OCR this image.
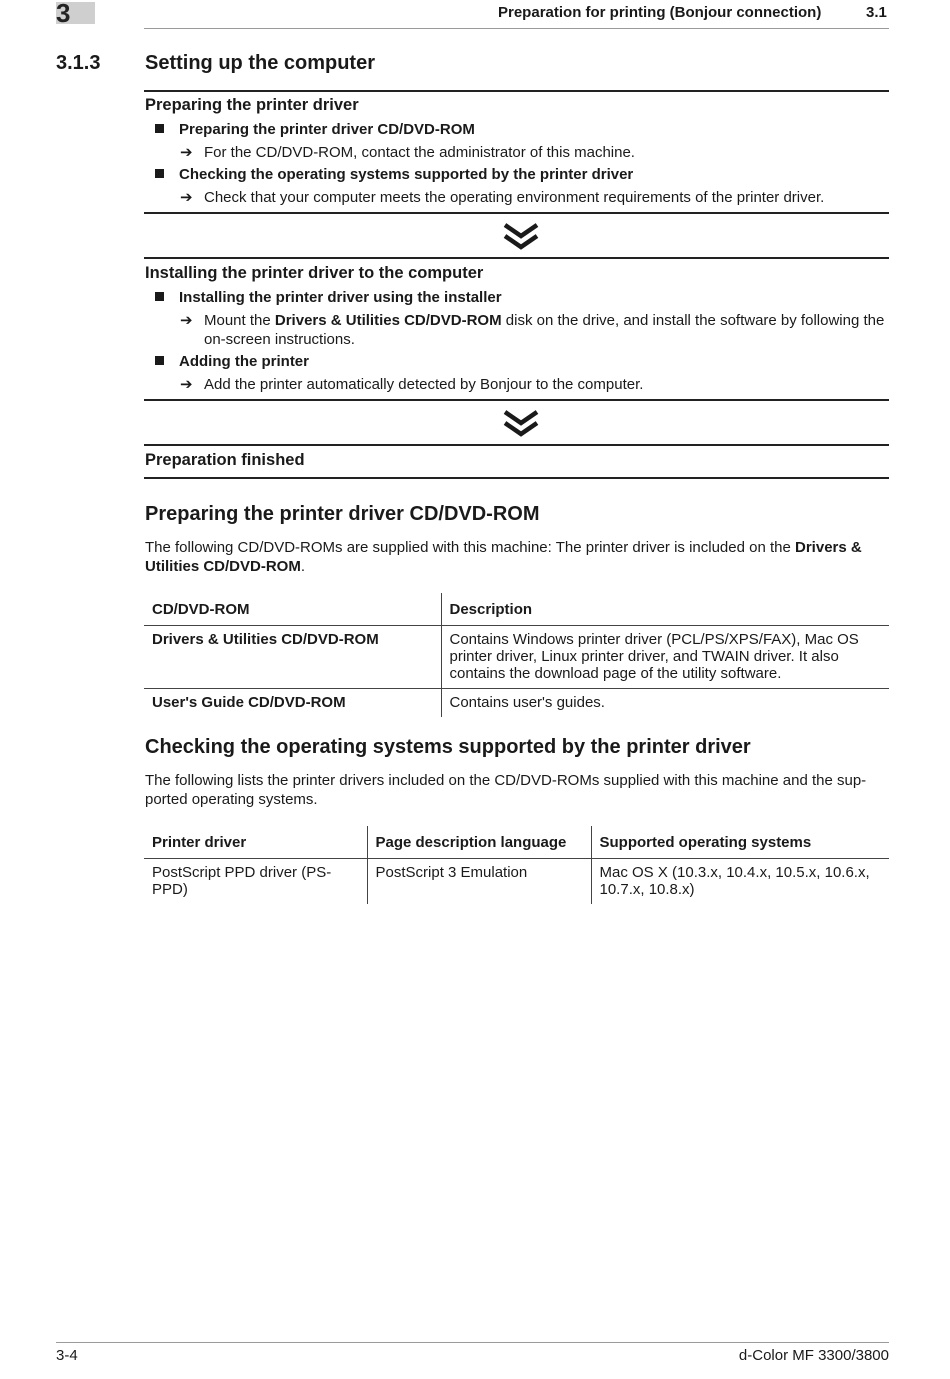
3	Preparation for printing (Bonjour connection)	3.1
3.1.3 Setting up the computer
Preparing the printer driver
Preparing the printer driver CD/DVD-ROM
➔ For the CD/DVD-ROM, contact the administrator of this machine.
Checking the operating systems supported by the printer driver
➔ Check that your computer meets the operating environment requirements of the printer driver.
Installing the printer driver to the computer
Installing the printer driver using the installer
➔ Mount the Drivers & Utilities CD/DVD-ROM disk on the drive, and install the software by following the on-screen instructions.
Adding the printer
➔ Add the printer automatically detected by Bonjour to the computer.
Preparation finished
Preparing the printer driver CD/DVD-ROM
The following CD/DVD-ROMs are supplied with this machine: The printer driver is included on the Drivers & Utilities CD/DVD-ROM.
CD/DVD-ROM	Description
Drivers & Utilities CD/DVD-ROM	Contains Windows printer driver (PCL/PS/XPS/FAX), Mac OS printer driver, Linux printer driver, and TWAIN driver. It also contains the download page of the utility software.
User's Guide CD/DVD-ROM	Contains user's guides.
Checking the operating systems supported by the printer driver
The following lists the printer drivers included on the CD/DVD-ROMs supplied with this machine and the sup-ported operating systems.
Printer driver	Page description language	Supported operating systems
PostScript PPD driver (PS-PPD)	PostScript 3 Emulation	Mac OS X (10.3.x, 10.4.x, 10.5.x, 10.6.x, 10.7.x, 10.8.x)
3-4	d-Color MF 3300/3800
